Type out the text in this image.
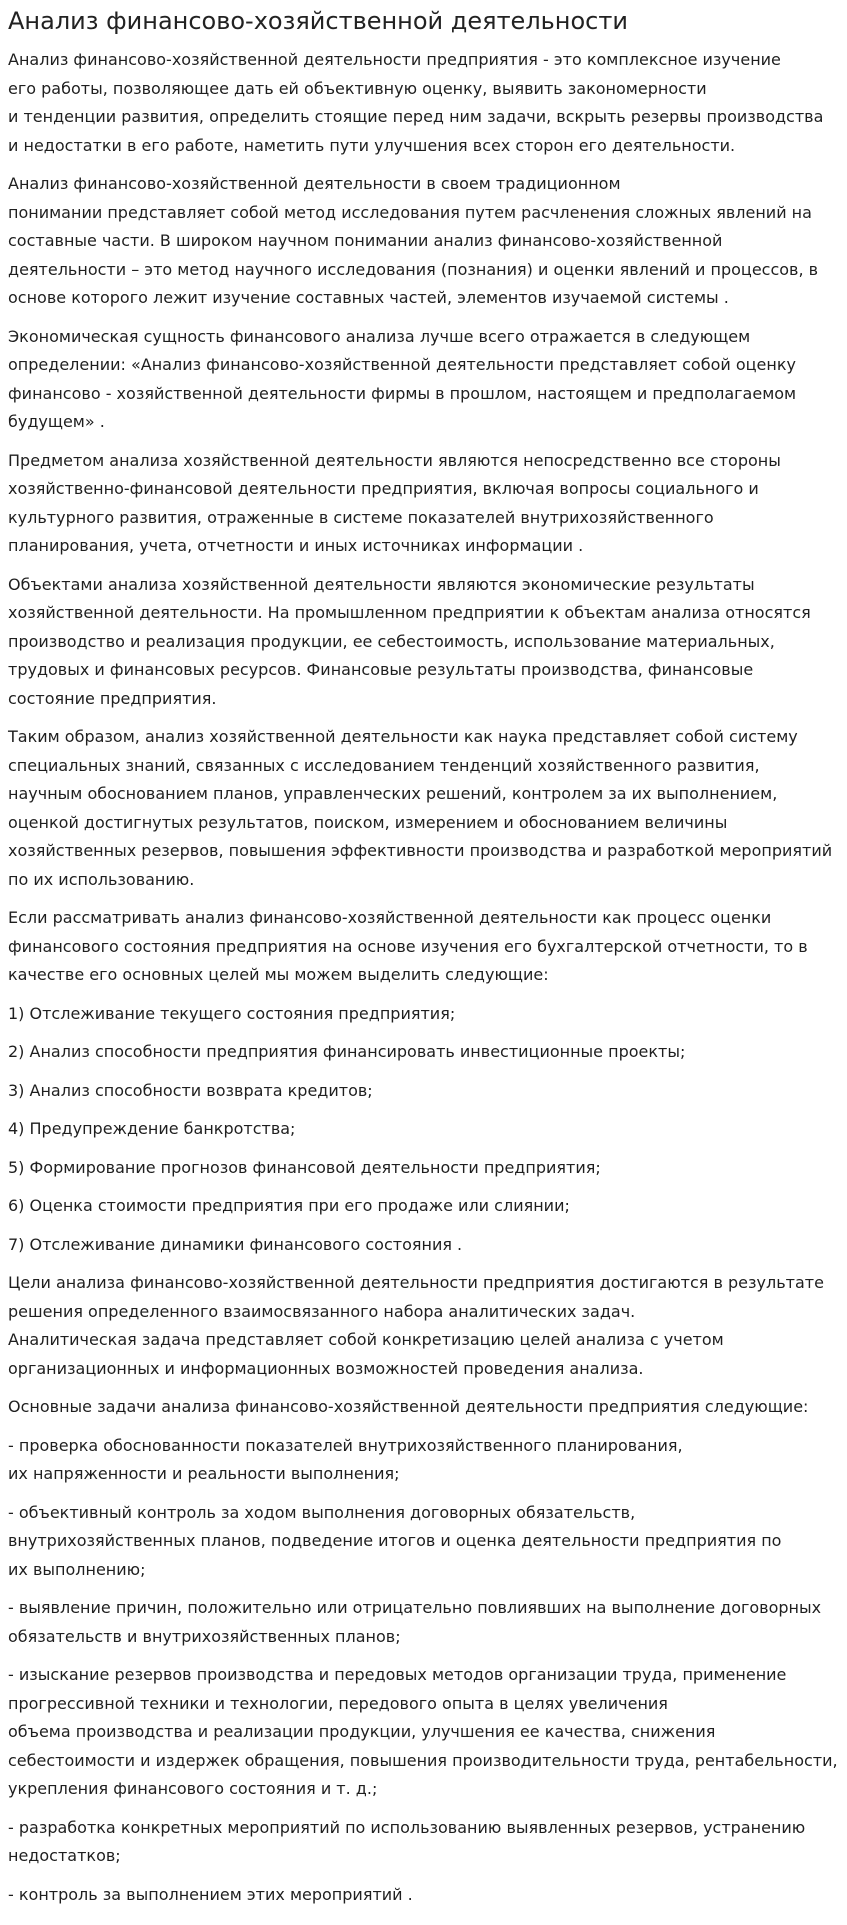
Анализ финансово-хозяйственной деятельности

Анализ финансово-хозяйственной деятельности предприятия - это комплексное изучение
его работы, позволяющее дать ей объективную оценку, выявить закономерности
и тенденции развития, определить стоящие перед ним задачи, вскрыть резервы производства
и недостатки в его работе, наметить пути улучшения всех сторон его деятельности.

Анализ финансово-хозяйственной деятельности в своем традиционном
понимании представляет собой метод исследования путем расчленения сложных явлений на
составные части. В широком научном понимании анализ финансово-хозяйственной
деятельности – это метод научного исследования (познания) и оценки явлений и процессов, в
основе которого лежит изучение составных частей, элементов изучаемой системы .

Экономическая сущность финансового анализа лучше всего отражается в следующем
определении: «Анализ финансово-хозяйственной деятельности представляет собой оценку
финансово - хозяйственной деятельности фирмы в прошлом, настоящем и предполагаемом
будущем» .

Предметом анализа хозяйственной деятельности являются непосредственно все стороны
хозяйственно-финансовой деятельности предприятия, включая вопросы социального и
культурного развития, отраженные в системе показателей внутрихозяйственного
планирования, учета, отчетности и иных источниках информации .

Объектами анализа хозяйственной деятельности являются экономические результаты
хозяйственной деятельности. На промышленном предприятии к объектам анализа относятся
производство и реализация продукции, ее себестоимость, использование материальных,
трудовых и финансовых ресурсов. Финансовые результаты производства, финансовые
состояние предприятия.

Таким образом, анализ хозяйственной деятельности как наука представляет собой систему
специальных знаний, связанных с исследованием тенденций хозяйственного развития,
научным обоснованием планов, управленческих решений, контролем за их выполнением,
оценкой достигнутых результатов, поиском, измерением и обоснованием величины
хозяйственных резервов, повышения эффективности производства и разработкой мероприятий
по их использованию.

Если рассматривать анализ финансово-хозяйственной деятельности как процесс оценки
финансового состояния предприятия на основе изучения его бухгалтерской отчетности, то в
качестве его основных целей мы можем выделить следующие:

1) Отслеживание текущего состояния предприятия;

2) Анализ способности предприятия финансировать инвестиционные проекты;

3) Анализ способности возврата кредитов;

4) Предупреждение банкротства;

5) Формирование прогнозов финансовой деятельности предприятия;

6) Оценка стоимости предприятия при его продаже или слиянии;

7) Отслеживание динамики финансового состояния .

Цели анализа финансово-хозяйственной деятельности предприятия достигаются в результате
решения определенного взаимосвязанного набора аналитических задач.
Аналитическая задача представляет собой конкретизацию целей анализа с учетом
организационных и информационных возможностей проведения анализа.

Основные задачи анализа финансово-хозяйственной деятельности предприятия следующие:

- проверка обоснованности показателей внутрихозяйственного планирования,
их напряженности и реальности выполнения;

- объективный контроль за ходом выполнения договорных обязательств,
внутрихозяйственных планов, подведение итогов и оценка деятельности предприятия по
их выполнению;

- выявление причин, положительно или отрицательно повлиявших на выполнение договорных
обязательств и внутрихозяйственных планов;

- изыскание резервов производства и передовых методов организации труда, применение
прогрессивной техники и технологии, передового опыта в целях увеличения
объема производства и реализации продукции, улучшения ее качества, снижения
себестоимости и издержек обращения, повышения производительности труда, рентабельности,
укрепления финансового состояния и т. д.;

- разработка конкретных мероприятий по использованию выявленных резервов, устранению
недостатков;

- контроль за выполнением этих мероприятий .
